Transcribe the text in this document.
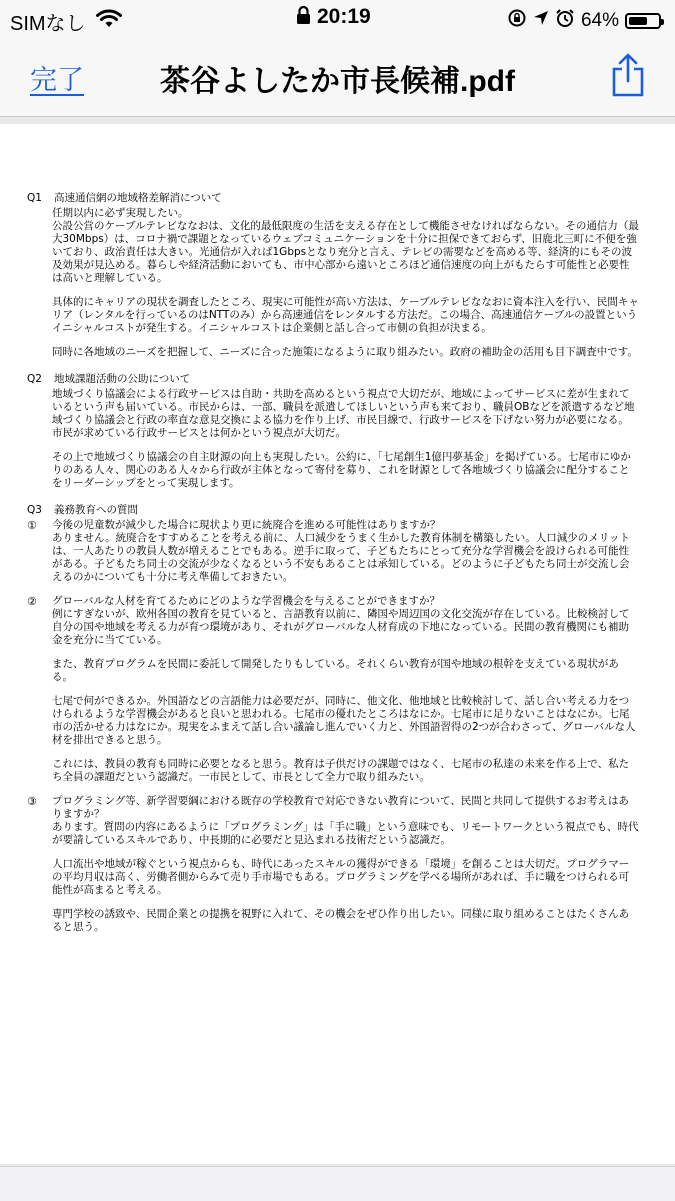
SIMなし	20:19	64%
完了	茶谷よしたか市長候補.pdf
Q1	高速通信網の地域格差解消について
任期以内に必ず実現したい。
公設公営のケーブルテレビななおは、文化的最低限度の生活を支える存在として機能させなければならない。その通信力（最大30Mbps）は、コロナ禍で課題となっているウェブコミュニケーションを十分に担保できておらず、旧鹿北三町に不便を強いており、政治責任は大きい。光通信が入れば1Gbpsとなり充分と言え、テレビの需要などを高める等、経済的にもその波及効果が見込める。暮らしや経済活動においても、市中心部から遠いところほど通信速度の向上がもたらす可能性と必要性は高いと理解している。
具体的にキャリアの現状を調査したところ、現実に可能性が高い方法は、ケーブルテレビななおに資本注入を行い、民間キャリア（レンタルを行っているのはNTTのみ）から高速通信をレンタルする方法だ。この場合、高速通信ケーブルの設置というイニシャルコストが発生する。イニシャルコストは企業側と話し合って市側の負担が決まる。
同時に各地域のニーズを把握して、ニーズに合った施策になるように取り組みたい。政府の補助金の活用も目下調査中です。
Q2	地域課題活動の公助について
地域づくり協議会による行政サービスは自助・共助を高めるという視点で大切だが、地域によってサービスに差が生まれているという声も届いている。市民からは、一部、職員を派遣してほしいという声も来ており、職員OBなどを派遣するなど地域づくり協議会と行政の率直な意見交換による協力を作り上げ、市民目線で、行政サービスを下げない努力が必要になる。市民が求めている行政サービスとは何かという視点が大切だ。
その上で地域づくり協議会の自主財源の向上も実現したい。公約に、「七尾創生1億円夢基金」を掲げている。七尾市にゆかりのある人々、関心のある人々から行政が主体となって寄付を募り、これを財源として各地域づくり協議会に配分することをリーダーシップをとって実現します。
Q3	義務教育への質問
①	今後の児童数が減少した場合に現状より更に統廃合を進める可能性はありますか？
ありません。統廃合をすすめることを考える前に、人口減少をうまく生かした教育体制を構築したい。人口減少のメリットは、一人あたりの教員人数が増えることでもある。逆手に取って、子どもたちにとって充分な学習機会を設けられる可能性がある。子どもたち同士の交流が少なくなるという不安もあることは承知している。どのように子どもたち同士が交流し会えるのかについても十分に考え準備しておきたい。
②	グローバルな人材を育てるためにどのような学習機会を与えることができますか？
例にすぎないが、欧州各国の教育を見ていると、言語教育以前に、隣国や周辺国の文化交流が存在している。比較検討して自分の国や地域を考える力が育つ環境があり、それがグローバルな人材育成の下地になっている。民間の教育機関にも補助金を充分に当てている。
また、教育プログラムを民間に委託して開発したりもしている。それくらい教育が国や地域の根幹を支えている現状がある。
七尾で何ができるか。外国語などの言語能力は必要だが、同時に、他文化、他地域と比較検討して、話し合い考える力をつけられるような学習機会があると良いと思われる。七尾市の優れたところはなにか。七尾市に足りないことはなにか。七尾市の活かせる力はなにか。現実をふまえて話し合い議論し進んでいく力と、外国語習得の2つが合わさって、グローバルな人材を排出できると思う。
これには、教員の教育も同時に必要となると思う。教育は子供だけの課題ではなく、七尾市の私達の未来を作る上で、私たち全員の課題だという認識だ。一市民として、市長として全力で取り組みたい。
③	プログラミング等、新学習要綱における既存の学校教育で対応できない教育について、民間と共同して提供するお考えはありますか？
あります。質問の内容にあるように「プログラミング」は「手に職」という意味でも、リモートワークという視点でも、時代が要請しているスキルであり、中長期的に必要だと見込まれる技術だという認識だ。
人口流出や地域が稼ぐという視点からも、時代にあったスキルの獲得ができる「環境」を創ることは大切だ。プログラマーの平均月収は高く、労働者側からみて売り手市場でもある。プログラミングを学べる場所があれば、手に職をつけられる可能性が高まると考える。
専門学校の誘致や、民間企業との提携を視野に入れて、その機会をぜひ作り出したい。同様に取り組めることはたくさんあると思う。
